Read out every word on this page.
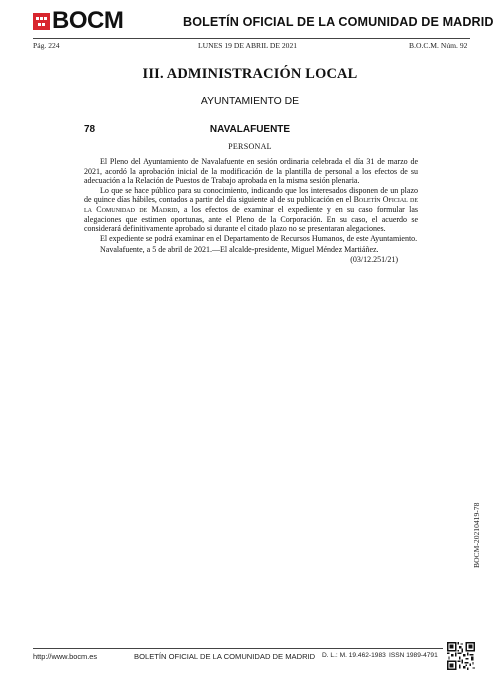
BOCM	BOLETÍN OFICIAL DE LA COMUNIDAD DE MADRID
Pág. 224	LUNES 19 DE ABRIL DE 2021	B.O.C.M. Núm. 92
III. ADMINISTRACIÓN LOCAL
AYUNTAMIENTO DE
78	NAVALAFUENTE
PERSONAL

El Pleno del Ayuntamiento de Navalafuente en sesión ordinaria celebrada el día 31 de marzo de 2021, acordó la aprobación inicial de la modificación de la plantilla de personal a los efectos de su adecuación a la Relación de Puestos de Trabajo aprobada en la misma sesión plenaria.

Lo que se hace público para su conocimiento, indicando que los interesados disponen de un plazo de quince días hábiles, contados a partir del día siguiente al de su publicación en el Boletín Oficial de la Comunidad de Madrid, a los efectos de examinar el expediente y en su caso formular las alegaciones que estimen oportunas, ante el Pleno de la Corporación. En su caso, el acuerdo se considerará definitivamente aprobado si durante el citado plazo no se presentaran alegaciones.

El expediente se podrá examinar en el Departamento de Recursos Humanos, de este Ayuntamiento.

Navalafuente, a 5 de abril de 2021.—El alcalde-presidente, Miguel Méndez Martiáñez.

(03/12.251/21)

BOCM-20210419-78
http://www.bocm.es	BOLETÍN OFICIAL DE LA COMUNIDAD DE MADRID D. L.: M. 19.462-1983 ISSN 1989-4791
